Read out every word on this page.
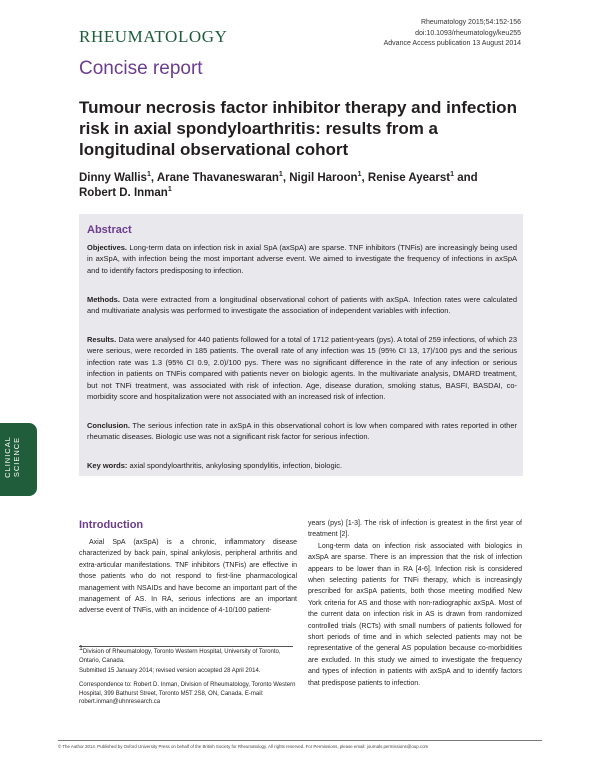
RHEUMATOLOGY
Rheumatology 2015;54:152-156
doi:10.1093/rheumatology/keu255
Advance Access publication 13 August 2014
Concise report
Tumour necrosis factor inhibitor therapy and infection risk in axial spondyloarthritis: results from a longitudinal observational cohort
Dinny Wallis$^1$, Arane Thavaneswaran$^1$, Nigil Haroon$^1$, Renise Ayearst$^1$ and
Robert D. Inman$^1$
Abstract
Objectives. Long-term data on infection risk in axial SpA (axSpA) are sparse. TNF inhibitors (TNFis) are increasingly being used in axSpA, with infection being the most important adverse event. We aimed to investigate the frequency of infections in axSpA and to identify factors predisposing to infection.
Methods. Data were extracted from a longitudinal observational cohort of patients with axSpA. Infection rates were calculated and multivariate analysis was performed to investigate the association of independent variables with infection.
Results. Data were analysed for 440 patients followed for a total of 1712 patient-years (pys). A total of 259 infections, of which 23 were serious, were recorded in 185 patients. The overall rate of any infection was 15 (95% CI 13, 17)/100 pys and the serious infection rate was 1.3 (95% CI 0.9, 2.0)/100 pys. There was no significant difference in the rate of any infection or serious infection in patients on TNFis compared with patients never on biologic agents. In the multivariate analysis, DMARD treatment, but not TNFi treatment, was associated with risk of infection. Age, disease duration, smoking status, BASFI, BASDAI, co-morbidity score and hospitalization were not associated with an increased risk of infection.
Conclusion. The serious infection rate in axSpA in this observational cohort is low when compared with rates reported in other rheumatic diseases. Biologic use was not a significant risk factor for serious infection.
Key words: axial spondyloarthritis, ankylosing spondylitis, infection, biologic.
CLINICAL SCIENCE
Introduction
Axial SpA (axSpA) is a chronic, inflammatory disease characterized by back pain, spinal ankylosis, peripheral arthritis and extra-articular manifestations. TNF inhibitors (TNFis) are effective in those patients who do not respond to first-line pharmacological management with NSAIDs and have become an important part of the management of AS. In RA, serious infections are an important adverse event of TNFis, with an incidence of 4-10/100 patient-
years (pys) [1-3]. The risk of infection is greatest in the first year of treatment [2].
Long-term data on infection risk associated with biologics in axSpA are sparse. There is an impression that the risk of infection appears to be lower than in RA [4-6]. Infection risk is considered when selecting patients for TNFi therapy, which is increasingly prescribed for axSpA patients, both those meeting modified New York criteria for AS and those with non-radiographic axSpA. Most of the current data on infection risk in AS is drawn from randomized controlled trials (RCTs) with small numbers of patients followed for short periods of time and in which selected patients may not be representative of the general AS population because co-morbidities are excluded. In this study we aimed to investigate the frequency and types of infection in patients with axSpA and to identify factors that predispose patients to infection.
$^1$Division of Rheumatology, Toronto Western Hospital, University of Toronto, Ontario, Canada.
Submitted 15 January 2014; revised version accepted 28 April 2014.
Correspondence to: Robert D. Inman, Division of Rheumatology, Toronto Western Hospital, 399 Bathurst Street, Toronto M5T 2S8, ON, Canada. E-mail: robert.inman@uhnresearch.ca
© The Author 2014. Published by Oxford University Press on behalf of the British Society for Rheumatology. All rights reserved. For Permissions, please email: journals.permissions@oup.com
